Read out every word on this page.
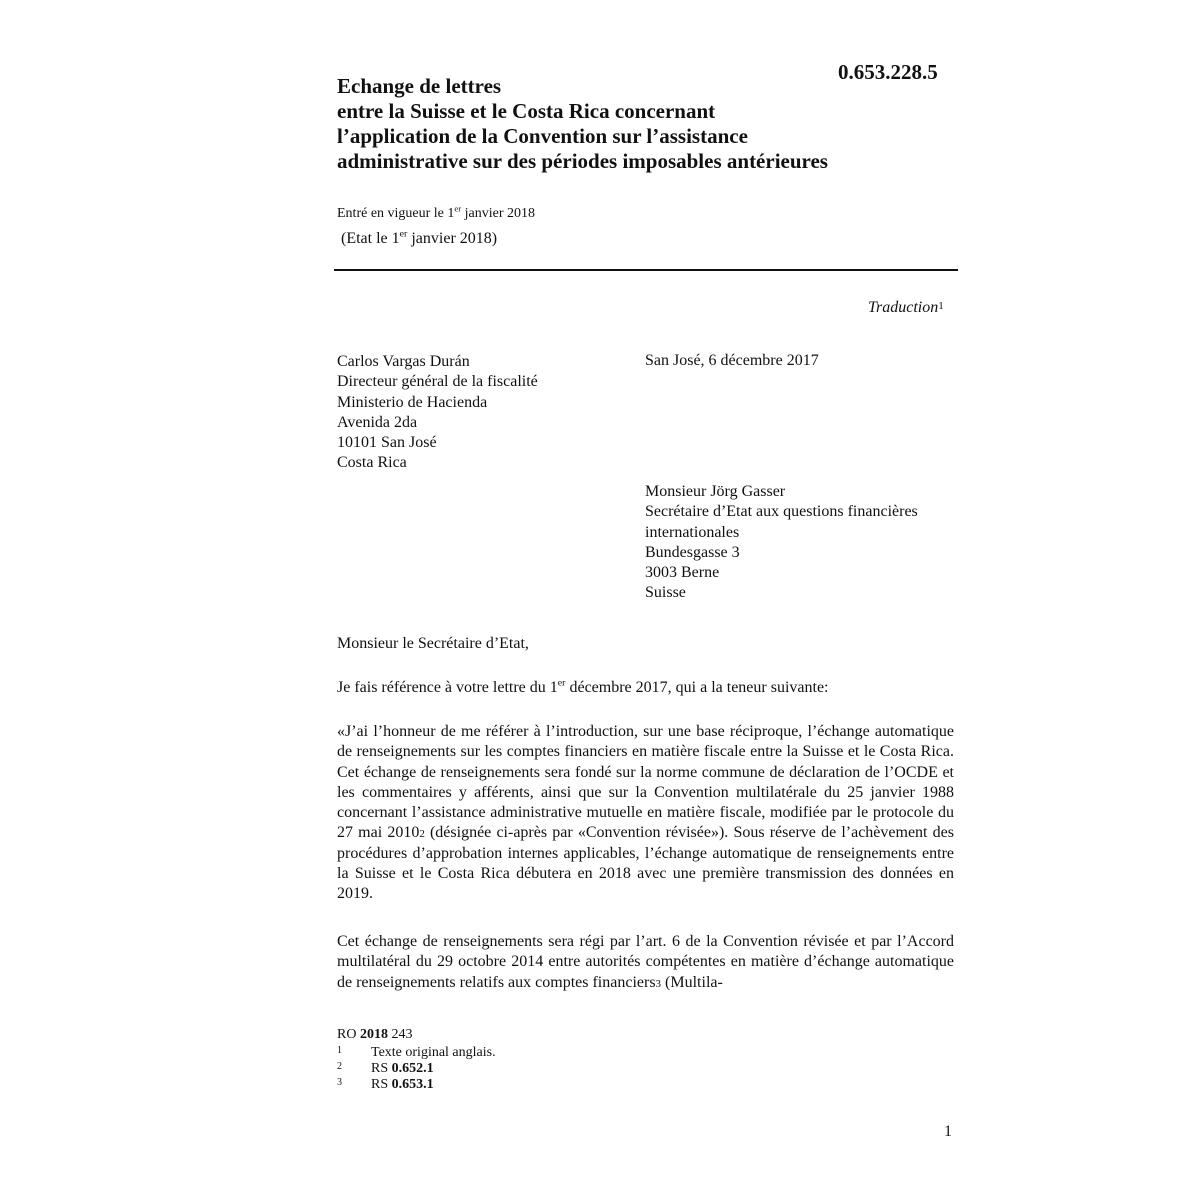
0.653.228.5
Echange de lettres
entre la Suisse et le Costa Rica concernant
l’application de la Convention sur l’assistance
administrative sur des périodes imposables antérieures
Entré en vigueur le 1er janvier 2018
(Etat le 1er janvier 2018)
Traduction$^1$
Carlos Vargas Durán
Directeur général de la fiscalité
Ministerio de Hacienda
Avenida 2da
10101 San José
Costa Rica
San José, 6 décembre 2017
Monsieur Jörg Gasser
Secrétaire d’Etat aux questions financières
internationales
Bundesgasse 3
3003 Berne
Suisse
Monsieur le Secrétaire d’Etat,
Je fais référence à votre lettre du 1er décembre 2017, qui a la teneur suivante:
«J’ai l’honneur de me référer à l’introduction, sur une base réciproque, l’échange automatique de renseignements sur les comptes financiers en matière fiscale entre la Suisse et le Costa Rica. Cet échange de renseignements sera fondé sur la norme commune de déclaration de l’OCDE et les commentaires y afférents, ainsi que sur la Convention multilatérale du 25 janvier 1988 concernant l’assistance administrative mutuelle en matière fiscale, modifiée par le protocole du 27 mai 2010$^2$ (désignée ci-après par «Convention révisée»). Sous réserve de l’achèvement des procédures d’approbation internes applicables, l’échange automatique de renseignements entre la Suisse et le Costa Rica débutera en 2018 avec une première transmission des données en 2019.
Cet échange de renseignements sera régi par l’art. 6 de la Convention révisée et par l’Accord multilatéral du 29 octobre 2014 entre autorités compétentes en matière d’échange automatique de renseignements relatifs aux comptes financiers$^3$ (Multila-
RO 2018 243
1	Texte original anglais.
2	RS 0.652.1
3	RS 0.653.1
1
